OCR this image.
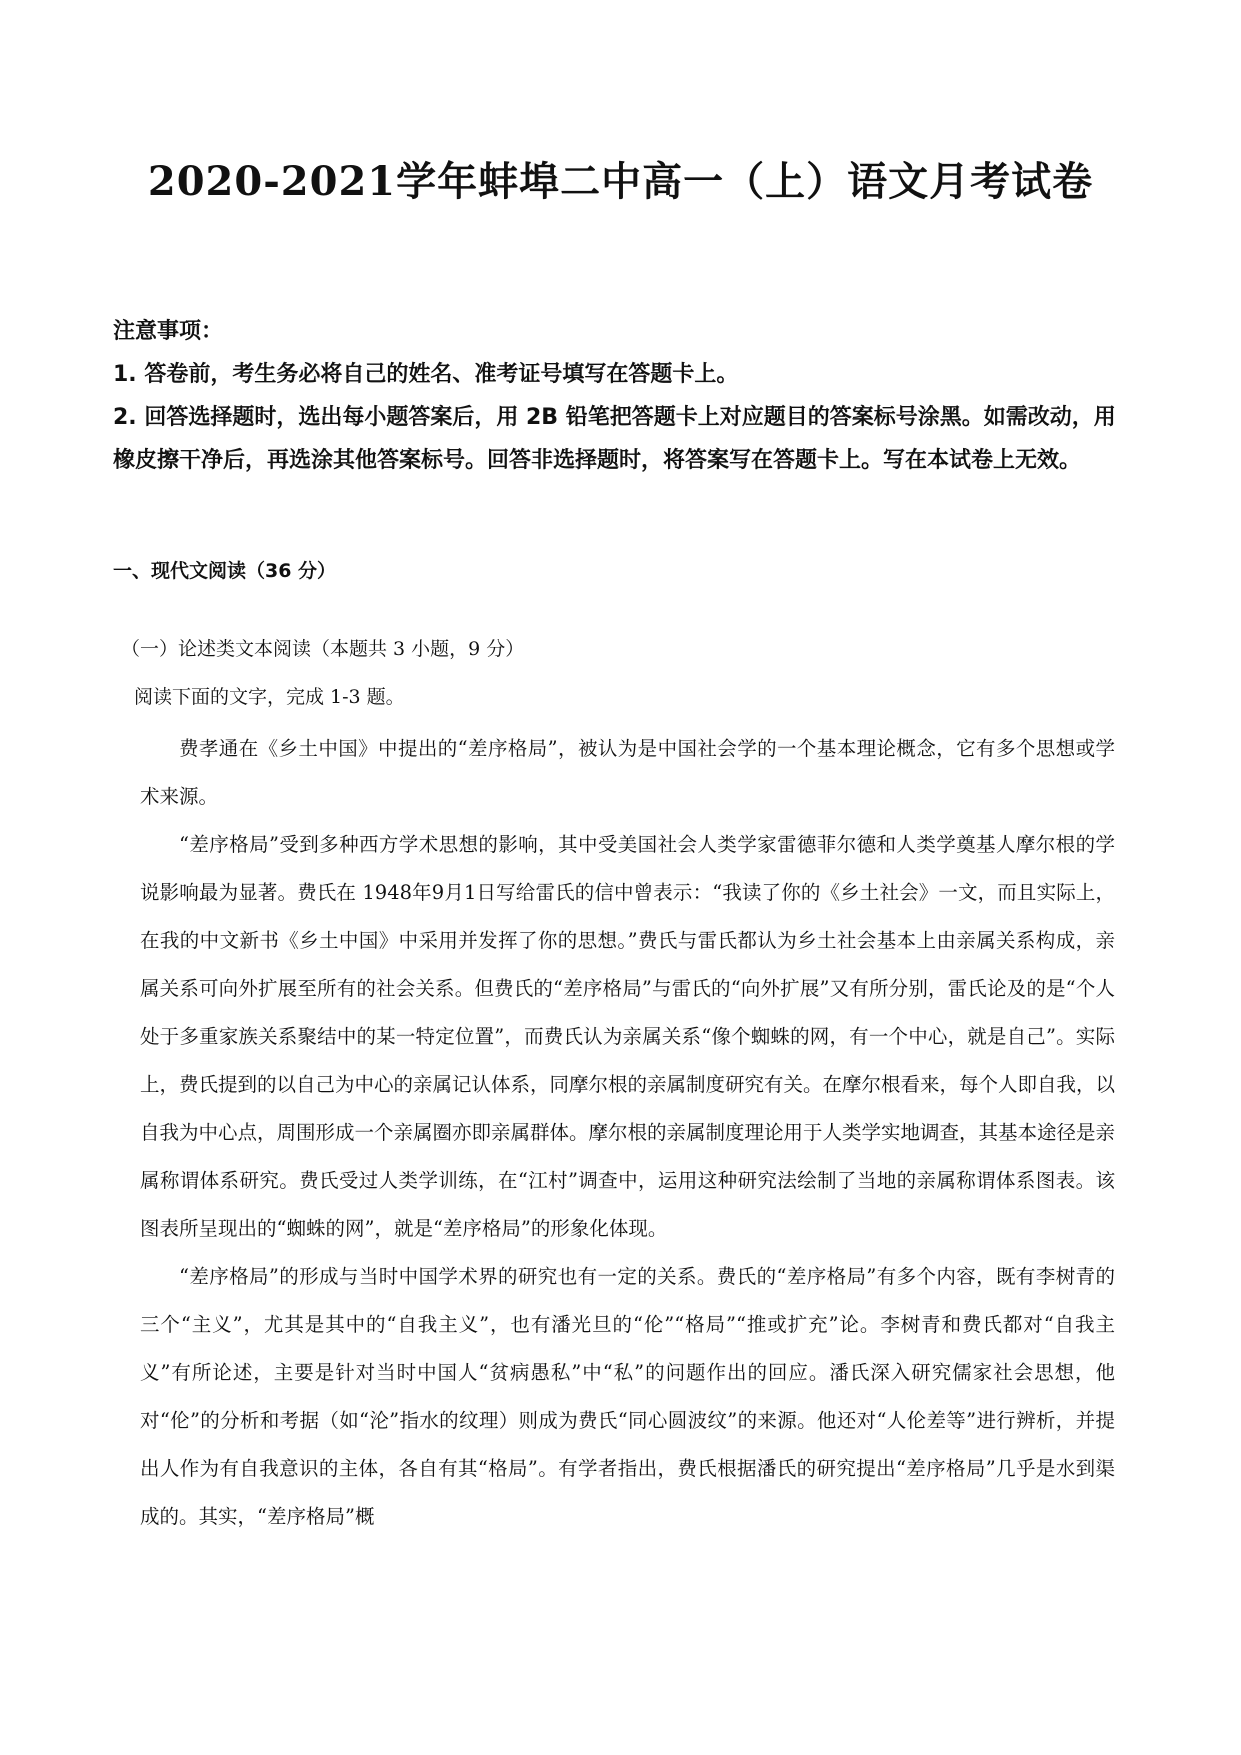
2020-2021学年蚌埠二中高一（上）语文月考试卷

注意事项：

1. 答卷前，考生务必将自己的姓名、准考证号填写在答题卡上。

2. 回答选择题时，选出每小题答案后，用 2B 铅笔把答题卡上对应题目的答案标号涂黑。如需改动，用橡皮擦干净后，再选涂其他答案标号。回答非选择题时，将答案写在答题卡上。写在本试卷上无效。

一、现代文阅读（36 分）
（一）论述类文本阅读（本题共 3 小题，9 分）
阅读下面的文字，完成 1-3 题。

费孝通在《乡土中国》中提出的“差序格局”，被认为是中国社会学的一个基本理论概念，它有多个思想或学术来源。

“差序格局”受到多种西方学术思想的影响，其中受美国社会人类学家雷德菲尔德和人类学奠基人摩尔根的学说影响最为显著。费氏在 1948年9月1日写给雷氏的信中曾表示：“我读了你的《乡土社会》一文，而且实际上，在我的中文新书《乡土中国》中采用并发挥了你的思想。”费氏与雷氏都认为乡土社会基本上由亲属关系构成，亲属关系可向外扩展至所有的社会关系。但费氏的“差序格局”与雷氏的“向外扩展”又有所分别，雷氏论及的是“个人处于多重家族关系聚结中的某一特定位置”，而费氏认为亲属关系“像个蜘蛛的网，有一个中心，就是自己”。实际上，费氏提到的以自己为中心的亲属记认体系，同摩尔根的亲属制度研究有关。在摩尔根看来，每个人即自我，以自我为中心点，周围形成一个亲属圈亦即亲属群体。摩尔根的亲属制度理论用于人类学实地调查，其基本途径是亲属称谓体系研究。费氏受过人类学训练，在“江村”调查中，运用这种研究法绘制了当地的亲属称谓体系图表。该图表所呈现出的“蜘蛛的网”，就是“差序格局”的形象化体现。

“差序格局”的形成与当时中国学术界的研究也有一定的关系。费氏的“差序格局”有多个内容，既有李树青的三个“主义”，尤其是其中的“自我主义”，也有潘光旦的“伦”“格局”“推或扩充”论。李树青和费氏都对“自我主义”有所论述，主要是针对当时中国人“贫病愚私”中“私”的问题作出的回应。潘氏深入研究儒家社会思想，他对“伦”的分析和考据（如“沦”指水的纹理）则成为费氏“同心圆波纹”的来源。他还对“人伦差等”进行辨析，并提出人作为有自我意识的主体，各自有其“格局”。有学者指出，费氏根据潘氏的研究提出“差序格局”几乎是水到渠成的。其实，“差序格局”概
